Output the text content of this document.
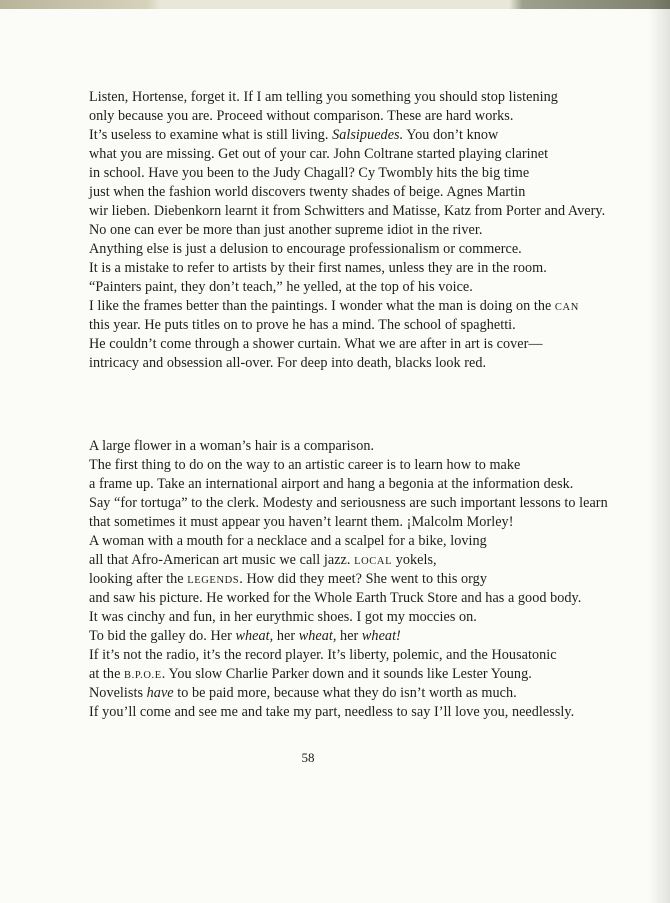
Listen, Hortense, forget it. If I am telling you something you should stop listening
only because you are. Proceed without comparison. These are hard works.
It’s useless to examine what is still living. Salsipuedes. You don’t know
what you are missing. Get out of your car. John Coltrane started playing clarinet
in school. Have you been to the Judy Chagall? Cy Twombly hits the big time
just when the fashion world discovers twenty shades of beige. Agnes Martin
wir lieben. Diebenkorn learnt it from Schwitters and Matisse, Katz from Porter and Avery.
No one can ever be more than just another supreme idiot in the river.
Anything else is just a delusion to encourage professionalism or commerce.
It is a mistake to refer to artists by their first names, unless they are in the room.
“Painters paint, they don’t teach,” he yelled, at the top of his voice.
I like the frames better than the paintings. I wonder what the man is doing on the CAN
this year. He puts titles on to prove he has a mind. The school of spaghetti.
He couldn’t come through a shower curtain. What we are after in art is cover—
intricacy and obsession all-over. For deep into death, blacks look red.
A large flower in a woman’s hair is a comparison.
The first thing to do on the way to an artistic career is to learn how to make
a frame up. Take an international airport and hang a begonia at the information desk.
Say “for tortuga” to the clerk. Modesty and seriousness are such important lessons to learn
that sometimes it must appear you haven’t learnt them. ¡Malcolm Morley!
A woman with a mouth for a necklace and a scalpel for a bike, loving
all that Afro-American art music we call jazz. LOCAL yokels,
looking after the LEGENDS. How did they meet? She went to this orgy
and saw his picture. He worked for the Whole Earth Truck Store and has a good body.
It was cinchy and fun, in her eurythmic shoes. I got my moccies on.
To bid the galley do. Her wheat, her wheat, her wheat!
If it’s not the radio, it’s the record player. It’s liberty, polemic, and the Housatonic
at the B.P.O.E. You slow Charlie Parker down and it sounds like Lester Young.
Novelists have to be paid more, because what they do isn’t worth as much.
If you’ll come and see me and take my part, needless to say I’ll love you, needlessly.
58
